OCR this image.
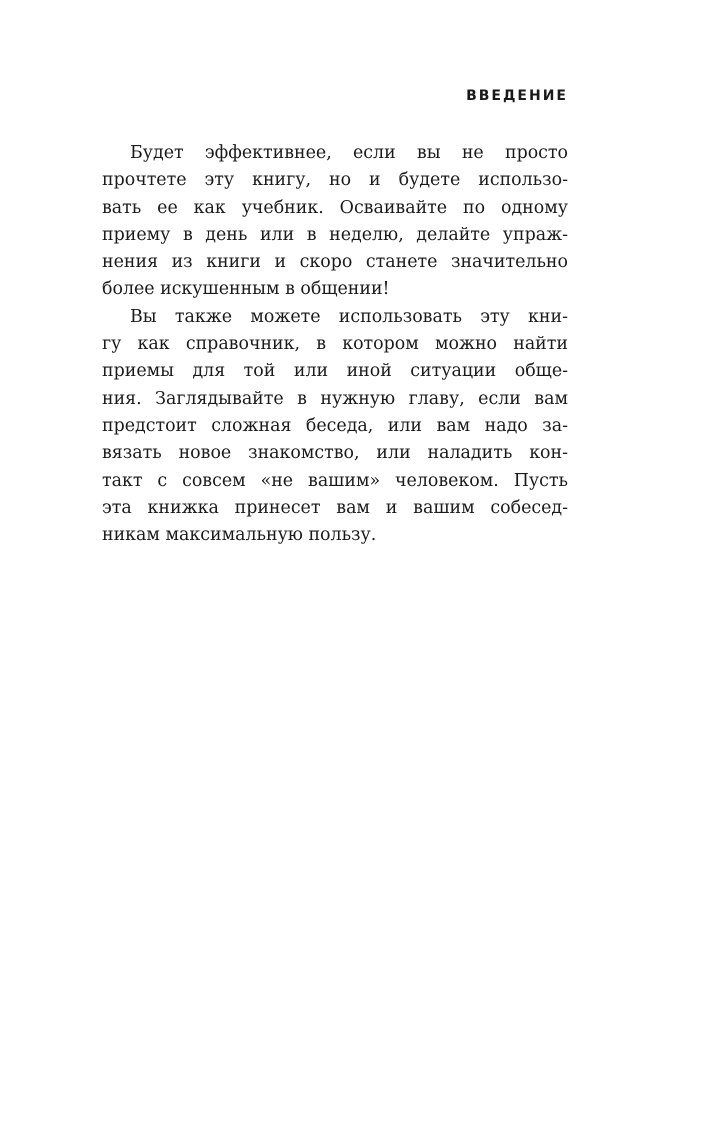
ВВЕДЕНИЕ
Будет эффективнее, если вы не просто
прочтете эту книгу, но и будете использо-
вать ее как учебник. Осваивайте по одному
приему в день или в неделю, делайте упраж-
нения из книги и скоро станете значительно
более искушенным в общении!
Вы также можете использовать эту кни-
гу как справочник, в котором можно найти
приемы для той или иной ситуации обще-
ния. Заглядывайте в нужную главу, если вам
предстоит сложная беседа, или вам надо за-
вязать новое знакомство, или наладить кон-
такт с совсем «не вашим» человеком. Пусть
эта книжка принесет вам и вашим собесед-
никам максимальную пользу.
